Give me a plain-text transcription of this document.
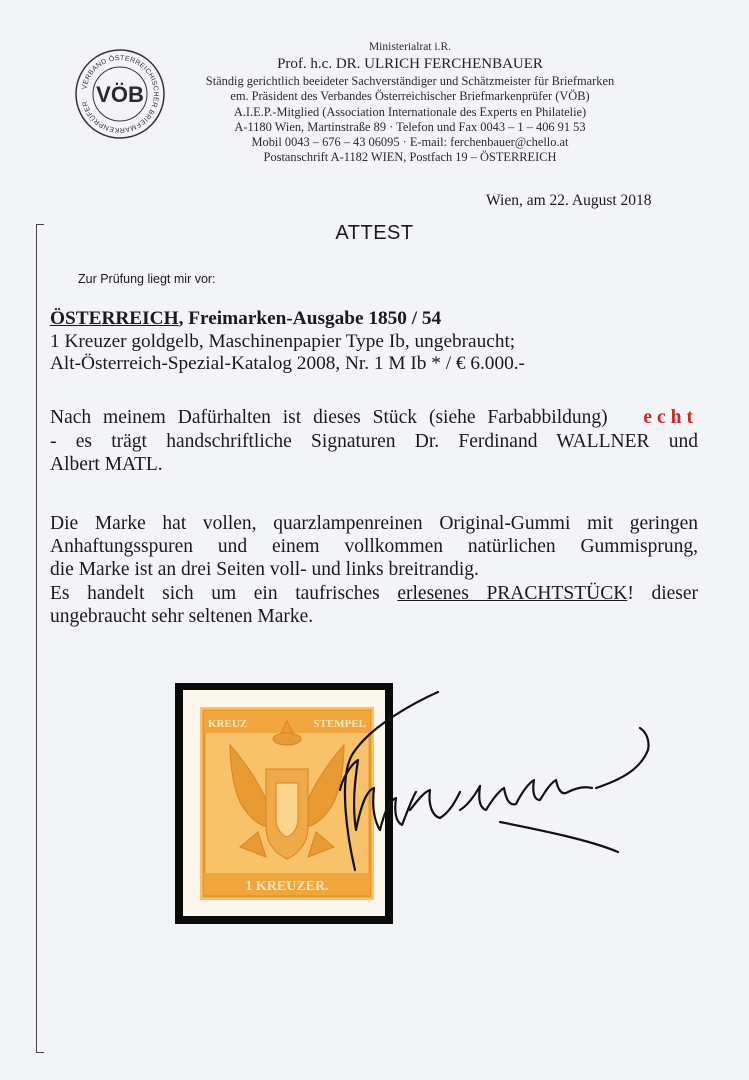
VERBAND ÖSTERREICHISCHER BRIEFMARKENPRÜFER VÖB
Ministerialrat i.R.
Prof. h.c. DR. ULRICH FERCHENBAUER
Ständig gerichtlich beeideter Sachverständiger und Schätzmeister für Briefmarken
em. Präsident des Verbandes Österreichischer Briefmarkenprüfer (VÖB)
A.I.E.P.-Mitglied (Association Internationale des Experts en Philatelie)
A-1180 Wien, Martinstraße 89 · Telefon und Fax 0043 – 1 – 406 91 53
Mobil 0043 – 676 – 43 06095 · E-mail: ferchenbauer@chello.at
Postanschrift A-1182 WIEN, Postfach 19 – ÖSTERREICH
Wien, am 22. August 2018
ATTEST
Zur Prüfung liegt mir vor:
ÖSTERREICH, Freimarken-Ausgabe 1850 / 54
1 Kreuzer goldgelb, Maschinenpapier Type Ib, ungebraucht;
Alt-Österreich-Spezial-Katalog 2008, Nr. 1 M Ib * / € 6.000.-
Nach meinem Dafürhalten ist dieses Stück (siehe Farbabbildung) echt
- es trägt handschriftliche Signaturen Dr. Ferdinand WALLNER und
Albert MATL.
Die Marke hat vollen, quarzlampenreinen Original-Gummi mit geringen
Anhaftungsspuren und einem vollkommen natürlichen Gummisprung,
die Marke ist an drei Seiten voll- und links breitrandig.
Es handelt sich um ein taufrisches erlesenes PRACHTSTÜCK! dieser
ungebraucht sehr seltenen Marke.
KREUZ	STEMPEL
1 KREUZER.
